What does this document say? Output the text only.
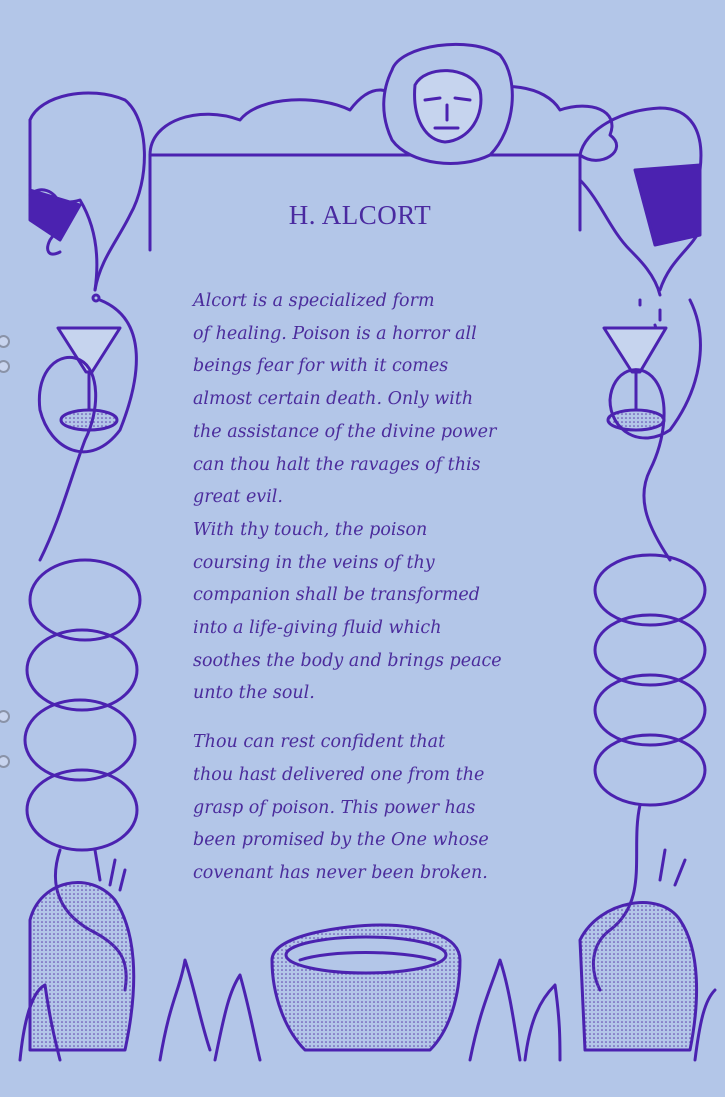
H. ALCORT

Alcort is a specialized form
of healing. Poison is a horror all
beings fear for with it comes
almost certain death. Only with
the assistance of the divine power
can thou halt the ravages of this
great evil.

With thy touch, the poison
coursing in the veins of thy
companion shall be transformed
into a life-giving fluid which
soothes the body and brings peace
unto the soul.

Thou can rest confident that
thou hast delivered one from the
grasp of poison. This power has
been promised by the One whose
covenant has never been broken.
